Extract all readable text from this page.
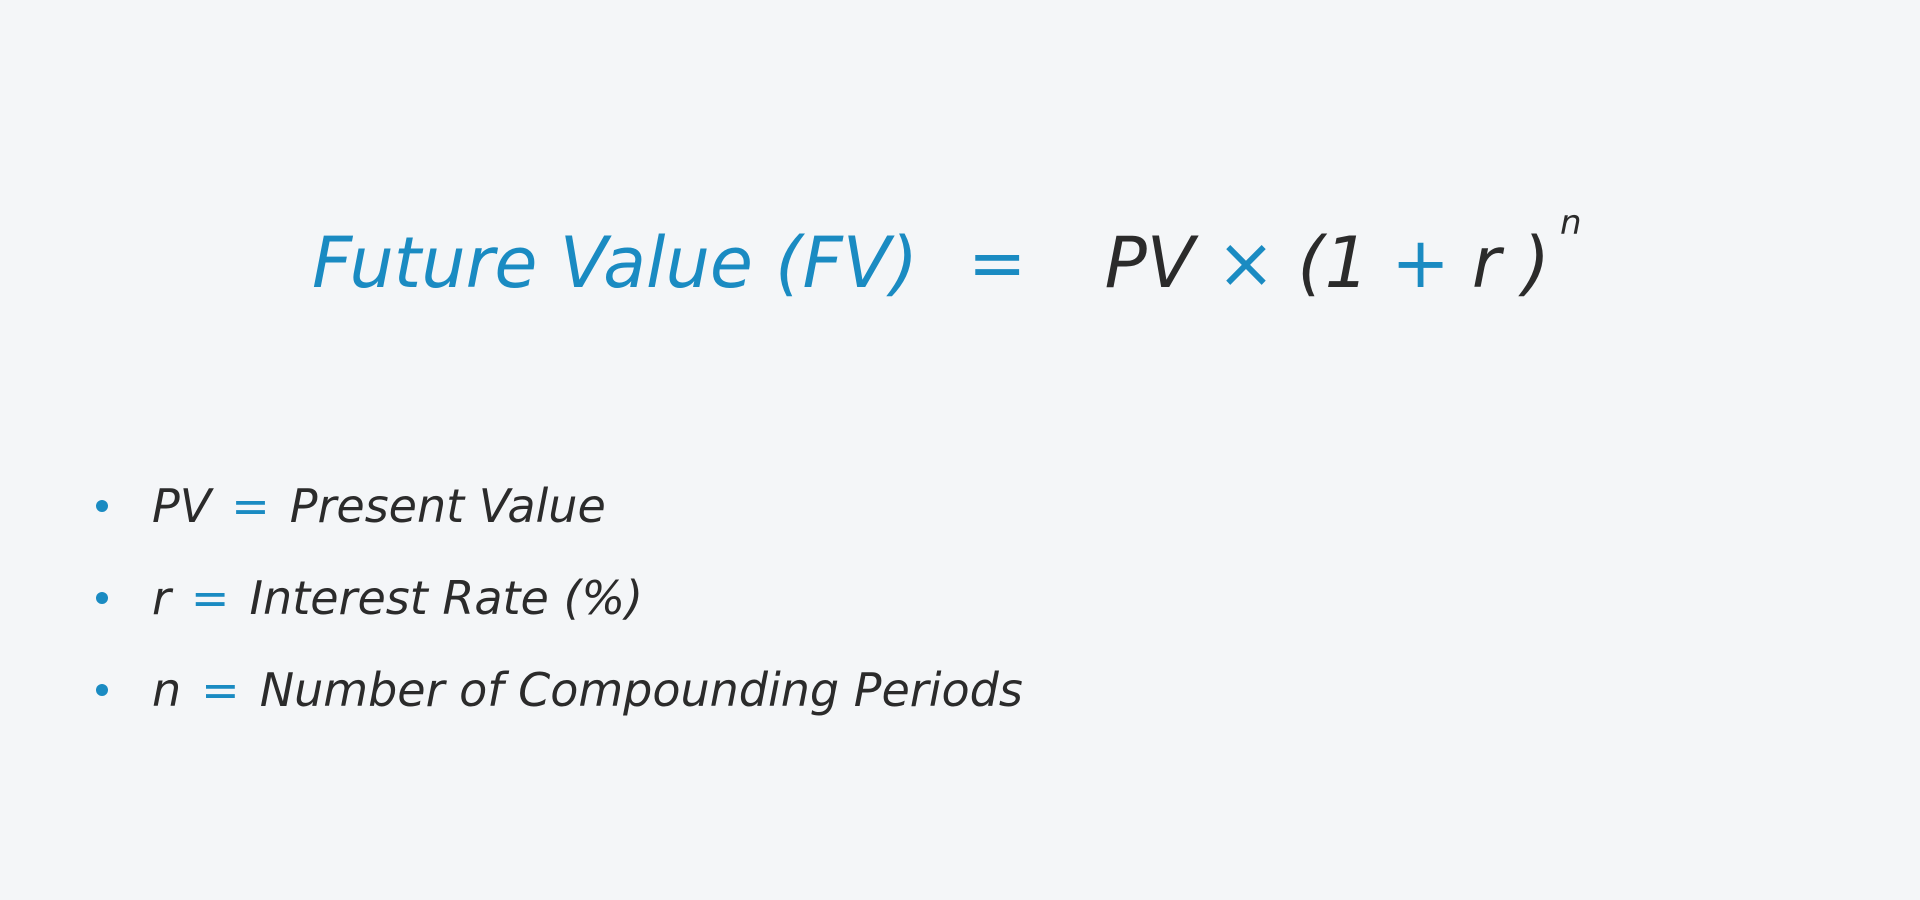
Future Value (FV) = PV × ( 1 + r ) n
PV = Present Value
r = Interest Rate (%)
n = Number of Compounding Periods
